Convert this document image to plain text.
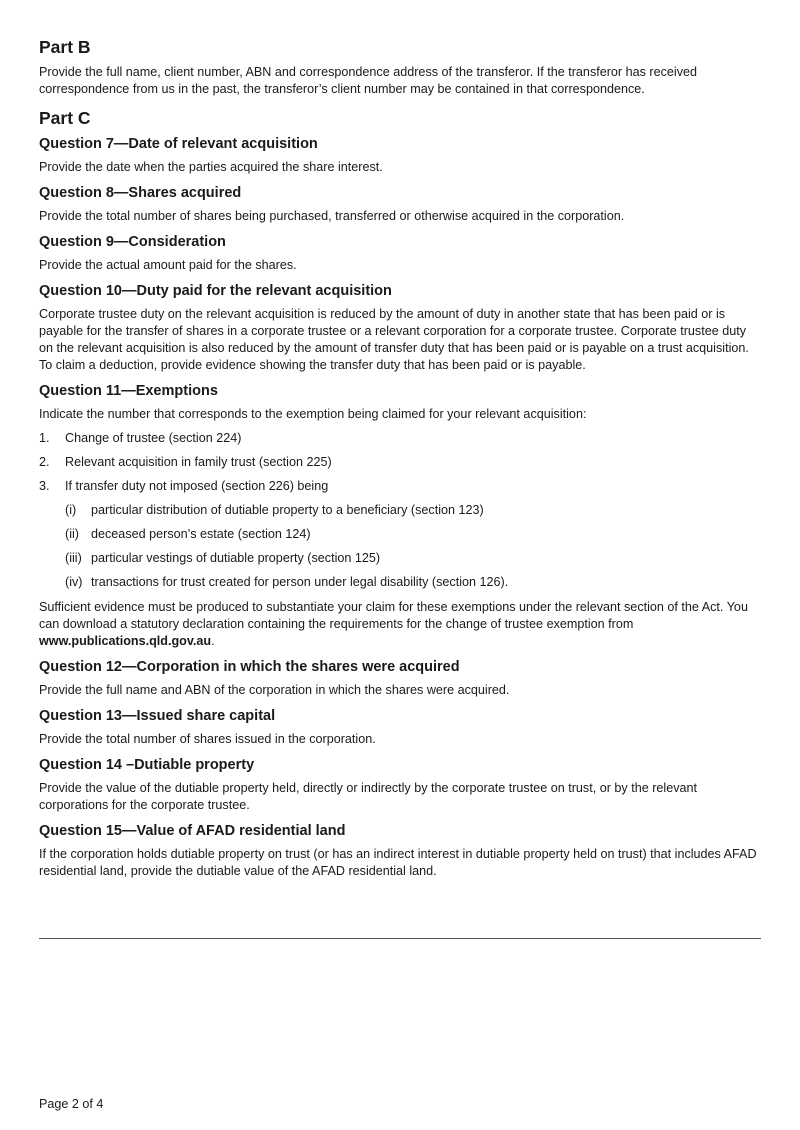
Part B

Provide the full name, client number, ABN and correspondence address of the transferor. If the transferor has received correspondence from us in the past, the transferor’s client number may be contained in that correspondence.

Part C
Question 7—Date of relevant acquisition

Provide the date when the parties acquired the share interest.

Question 8—Shares acquired

Provide the total number of shares being purchased, transferred or otherwise acquired in the corporation.

Question 9—Consideration

Provide the actual amount paid for the shares.

Question 10—Duty paid for the relevant acquisition

Corporate trustee duty on the relevant acquisition is reduced by the amount of duty in another state that has been paid or is payable for the transfer of shares in a corporate trustee or a relevant corporation for a corporate trustee. Corporate trustee duty on the relevant acquisition is also reduced by the amount of transfer duty that has been paid or is payable on a trust acquisition. To claim a deduction, provide evidence showing the transfer duty that has been paid or is payable.

Question 11—Exemptions

Indicate the number that corresponds to the exemption being claimed for your relevant acquisition:

1.	Change of trustee (section 224)
2.	Relevant acquisition in family trust (section 225)
3.	If transfer duty not imposed (section 226) being
(i)	particular distribution of dutiable property to a beneficiary (section 123)
(ii) deceased person’s estate (section 124)
(iii) particular vestings of dutiable property (section 125)
(iv) transactions for trust created for person under legal disability (section 126).

Sufficient evidence must be produced to substantiate your claim for these exemptions under the relevant section of the Act. You can download a statutory declaration containing the requirements for the change of trustee exemption from www.publications.qld.gov.au.

Question 12—Corporation in which the shares were acquired

Provide the full name and ABN of the corporation in which the shares were acquired.

Question 13—Issued share capital

Provide the total number of shares issued in the corporation.

Question 14 –Dutiable property

Provide the value of the dutiable property held, directly or indirectly by the corporate trustee on trust, or by the relevant corporations for the corporate trustee.

Question 15—Value of AFAD residential land

If the corporation holds dutiable property on trust (or has an indirect interest in dutiable property held on trust) that includes AFAD residential land, provide the dutiable value of the AFAD residential land.

Page 2 of 4
